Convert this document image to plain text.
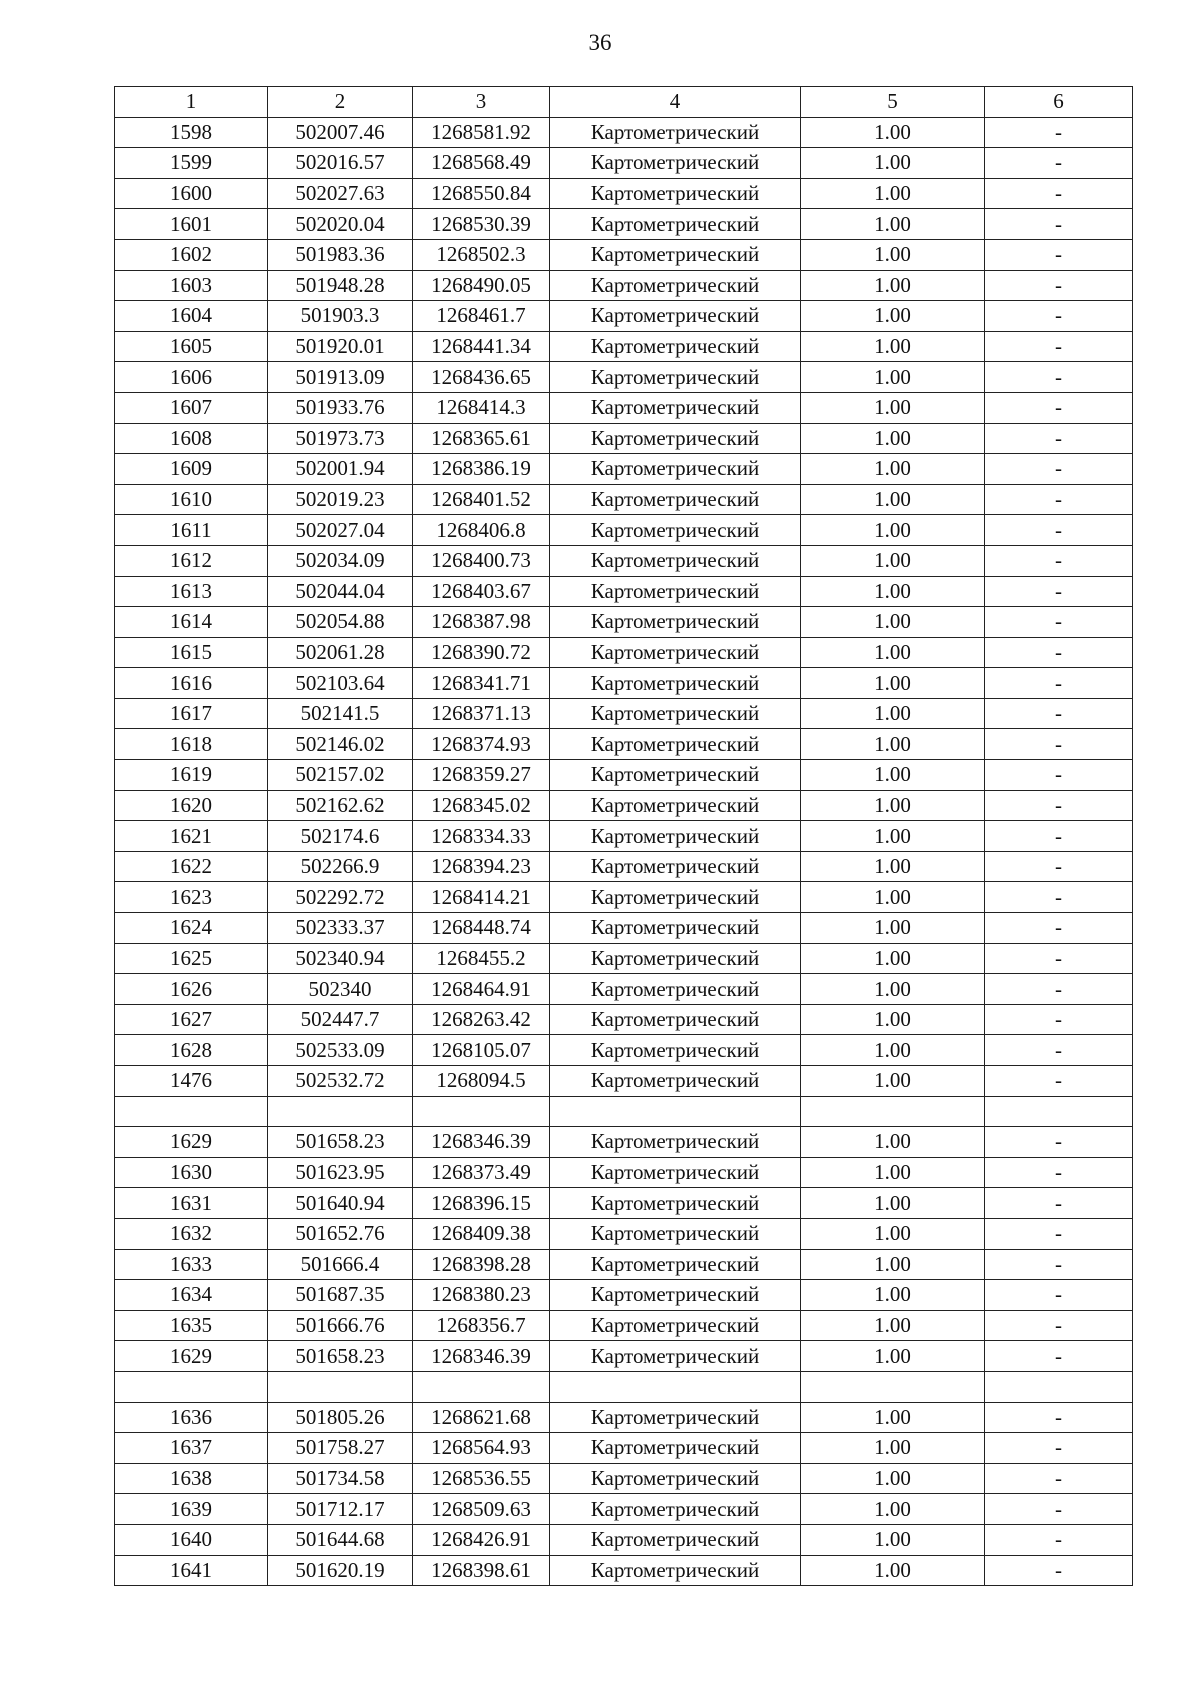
36
1	2	3	4	5	6
1598	502007.46	1268581.92	Картометрический	1.00	-
1599	502016.57	1268568.49	Картометрический	1.00	-
1600	502027.63	1268550.84	Картометрический	1.00	-
1601	502020.04	1268530.39	Картометрический	1.00	-
1602	501983.36	1268502.3	Картометрический	1.00	-
1603	501948.28	1268490.05	Картометрический	1.00	-
1604	501903.3	1268461.7	Картометрический	1.00	-
1605	501920.01	1268441.34	Картометрический	1.00	-
1606	501913.09	1268436.65	Картометрический	1.00	-
1607	501933.76	1268414.3	Картометрический	1.00	-
1608	501973.73	1268365.61	Картометрический	1.00	-
1609	502001.94	1268386.19	Картометрический	1.00	-
1610	502019.23	1268401.52	Картометрический	1.00	-
1611	502027.04	1268406.8	Картометрический	1.00	-
1612	502034.09	1268400.73	Картометрический	1.00	-
1613	502044.04	1268403.67	Картометрический	1.00	-
1614	502054.88	1268387.98	Картометрический	1.00	-
1615	502061.28	1268390.72	Картометрический	1.00	-
1616	502103.64	1268341.71	Картометрический	1.00	-
1617	502141.5	1268371.13	Картометрический	1.00	-
1618	502146.02	1268374.93	Картометрический	1.00	-
1619	502157.02	1268359.27	Картометрический	1.00	-
1620	502162.62	1268345.02	Картометрический	1.00	-
1621	502174.6	1268334.33	Картометрический	1.00	-
1622	502266.9	1268394.23	Картометрический	1.00	-
1623	502292.72	1268414.21	Картометрический	1.00	-
1624	502333.37	1268448.74	Картометрический	1.00	-
1625	502340.94	1268455.2	Картометрический	1.00	-
1626	502340	1268464.91	Картометрический	1.00	-
1627	502447.7	1268263.42	Картометрический	1.00	-
1628	502533.09	1268105.07	Картометрический	1.00	-
1476	502532.72	1268094.5	Картометрический	1.00	-

1629	501658.23	1268346.39	Картометрический	1.00	-
1630	501623.95	1268373.49	Картометрический	1.00	-
1631	501640.94	1268396.15	Картометрический	1.00	-
1632	501652.76	1268409.38	Картометрический	1.00	-
1633	501666.4	1268398.28	Картометрический	1.00	-
1634	501687.35	1268380.23	Картометрический	1.00	-
1635	501666.76	1268356.7	Картометрический	1.00	-
1629	501658.23	1268346.39	Картометрический	1.00	-

1636	501805.26	1268621.68	Картометрический	1.00	-
1637	501758.27	1268564.93	Картометрический	1.00	-
1638	501734.58	1268536.55	Картометрический	1.00	-
1639	501712.17	1268509.63	Картометрический	1.00	-
1640	501644.68	1268426.91	Картометрический	1.00	-
1641	501620.19	1268398.61	Картометрический	1.00	-
